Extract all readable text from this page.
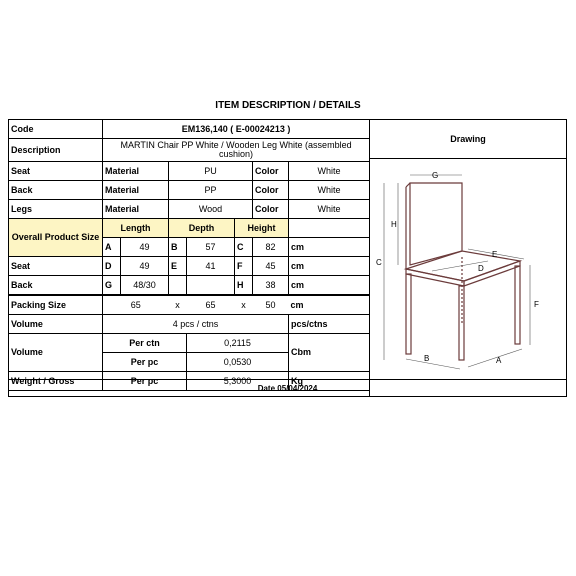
ITEM DESCRIPTION / DETAILS
Code	EM136,140 ( E-00024213 )						
Description	MARTIN Chair PP White / Wooden Leg White (assembled cushion)						
Seat	Material		PU			Color	White
Back	Material		PP			Color	White
Legs	Material		Wood			Color	White
Overall Product Size	Length		Depth		Height		
	A	49	B	57	C	82	cm
Seat	D	49	E	41	F	45	cm
Back	G	48/30			H	38	cm
Packing Size	65		x	65	x	50	cm
Volume	4 pcs / ctns						pcs/ctns
Volume	Per ctn			0,2115			Cbm
	Per pc			0,0530			
Weight / Gross	Per pc			5,3000			Kg
Drawing
G
H
C
E
D
F
B	A
Date 05/04/2024
